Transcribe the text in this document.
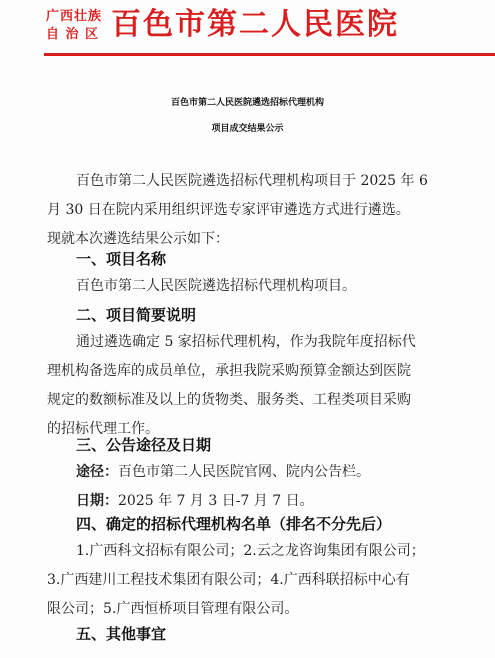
广西壮族
自 治 区 百色市第二人民医院
百色市第二人民医院遴选招标代理机构
项目成交结果公示
百色市第二人民医院遴选招标代理机构项目于 2025 年 6
月 30 日在院内采用组织评选专家评审遴选方式进行遴选。
现就本次遴选结果公示如下：
一、项目名称
百色市第二人民医院遴选招标代理机构项目。
二、项目简要说明
通过遴选确定 5 家招标代理机构，作为我院年度招标代
理机构备选库的成员单位，承担我院采购预算金额达到医院
规定的数额标准及以上的货物类、服务类、工程类项目采购
的招标代理工作。
三、公告途径及日期
途径：百色市第二人民医院官网、院内公告栏。
日期：2025 年 7 月 3 日-7 月 7 日。
四、确定的招标代理机构名单（排名不分先后）
1.广西科文招标有限公司；2.云之龙咨询集团有限公司；
3.广西建川工程技术集团有限公司；4.广西科联招标中心有
限公司；5.广西恒桥项目管理有限公司。
五、其他事宜
